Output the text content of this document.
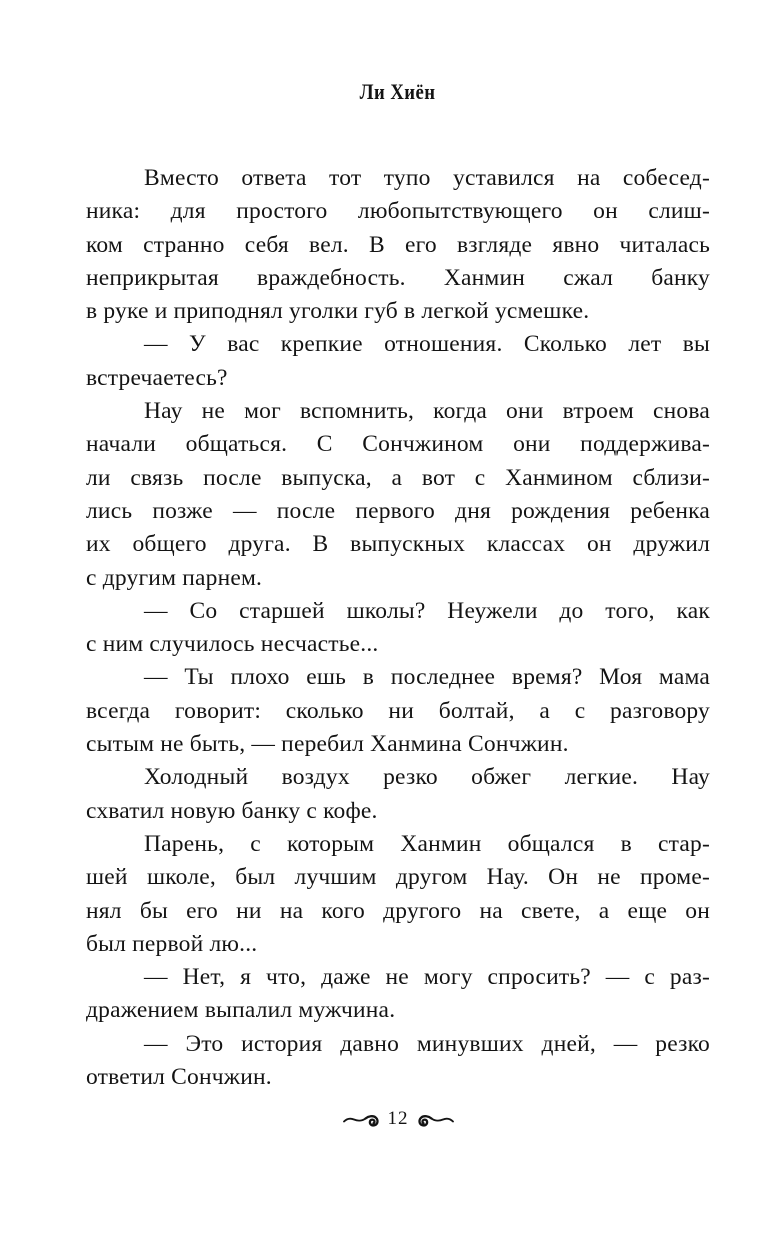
Ли Хиён

Вместо ответа тот тупо уставился на собесед-
ника: для простого любопытствующего он слиш-
ком странно себя вел. В его взгляде явно читалась
неприкрытая враждебность. Ханмин сжал банку
в руке и приподнял уголки губ в легкой усмешке.

— У вас крепкие отношения. Сколько лет вы
встречаетесь?

Нау не мог вспомнить, когда они втроем снова
начали общаться. С Сончжином они поддержива-
ли связь после выпуска, а вот с Ханмином сблизи-
лись позже — после первого дня рождения ребенка
их общего друга. В выпускных классах он дружил
с другим парнем.

— Со старшей школы? Неужели до того, как
с ним случилось несчастье...

— Ты плохо ешь в последнее время? Моя мама
всегда говорит: сколько ни болтай, а с разговору
сытым не быть, — перебил Ханмина Сончжин.

Холодный воздух резко обжег легкие. Нау
схватил новую банку с кофе.

Парень, с которым Ханмин общался в стар-
шей школе, был лучшим другом Нау. Он не проме-
нял бы его ни на кого другого на свете, а еще он
был первой лю...

— Нет, я что, даже не могу спросить? — с раз-
дражением выпалил мужчина.

— Это история давно минувших дней, — резко
ответил Сончжин.

12
